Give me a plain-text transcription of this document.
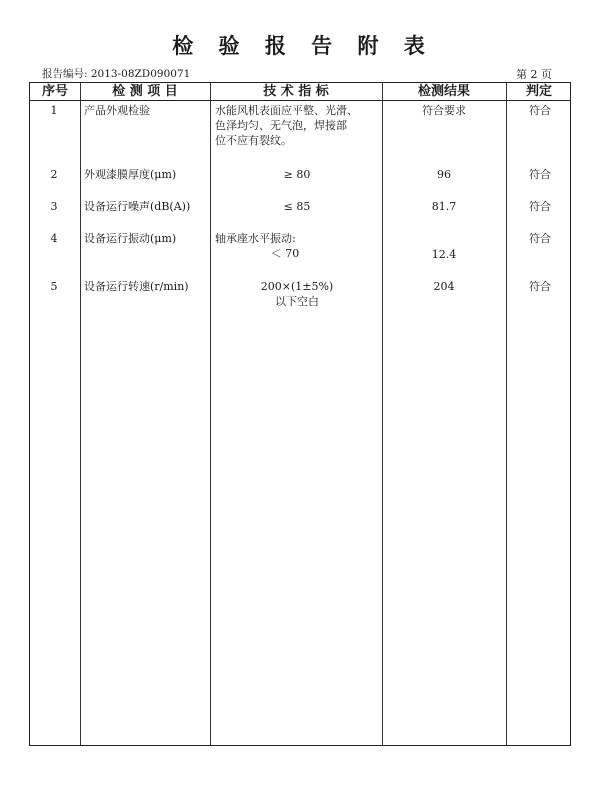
检 验 报 告 附 表
报告编号: 2013-08ZD090071	第 2 页
序号	检 测 项 目	技 术 指 标	检测结果	判定
1	产品外观检验	水能风机表面应平整、光滑、
色泽均匀、无气泡，焊接部
位不应有裂纹。
符合要求	符合
2	外观漆膜厚度(μm)	≥ 80	96	符合
3	设备运行噪声(dB(A))	≤ 85	81.7	符合
4	设备运行振动(μm)	轴承座水平振动:
＜ 70	12.4
符合
5	设备运行转速(r/min)	200×(1±5%)
以下空白
204	符合
